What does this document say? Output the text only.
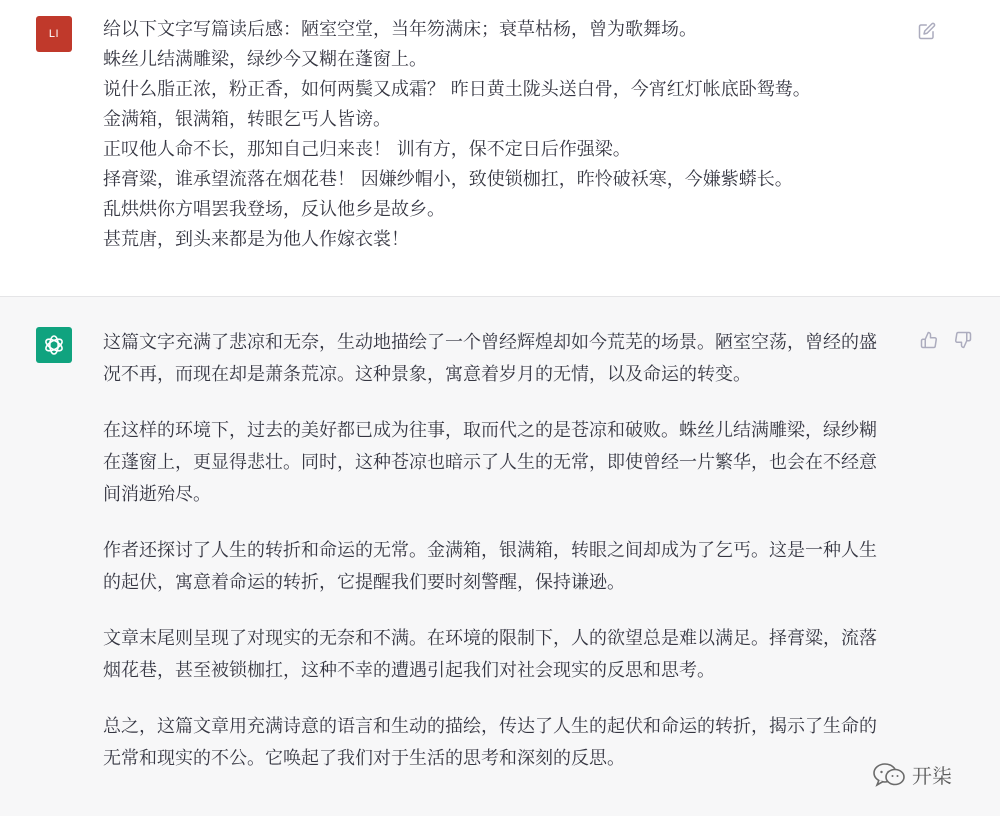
LI 给以下文字写篇读后感：陋室空堂，当年笏满床；衰草枯杨，曾为歌舞场。
蛛丝儿结满雕梁，绿纱今又糊在蓬窗上。
说什么脂正浓，粉正香，如何两鬓又成霜？ 昨日黄土陇头送白骨，今宵红灯帐底卧鸳鸯。
金满箱，银满箱，转眼乞丐人皆谤。
正叹他人命不长，那知自己归来丧！ 训有方，保不定日后作强梁。
择膏粱，谁承望流落在烟花巷！ 因嫌纱帽小，致使锁枷扛，昨怜破袄寒，今嫌紫蟒长。
乱烘烘你方唱罢我登场，反认他乡是故乡。
甚荒唐，到头来都是为他人作嫁衣裳！

这篇文字充满了悲凉和无奈，生动地描绘了一个曾经辉煌却如今荒芜的场景。陋室空荡，曾经的盛况不再，而现在却是萧条荒凉。这种景象，寓意着岁月的无情，以及命运的转变。

在这样的环境下，过去的美好都已成为往事，取而代之的是苍凉和破败。蛛丝儿结满雕梁，绿纱糊在蓬窗上，更显得悲壮。同时，这种苍凉也暗示了人生的无常，即使曾经一片繁华，也会在不经意间消逝殆尽。

作者还探讨了人生的转折和命运的无常。金满箱，银满箱，转眼之间却成为了乞丐。这是一种人生的起伏，寓意着命运的转折，它提醒我们要时刻警醒，保持谦逊。

文章末尾则呈现了对现实的无奈和不满。在环境的限制下，人的欲望总是难以满足。择膏粱，流落烟花巷，甚至被锁枷扛，这种不幸的遭遇引起我们对社会现实的反思和思考。

总之，这篇文章用充满诗意的语言和生动的描绘，传达了人生的起伏和命运的转折，揭示了生命的无常和现实的不公。它唤起了我们对于生活的思考和深刻的反思。

开柒
